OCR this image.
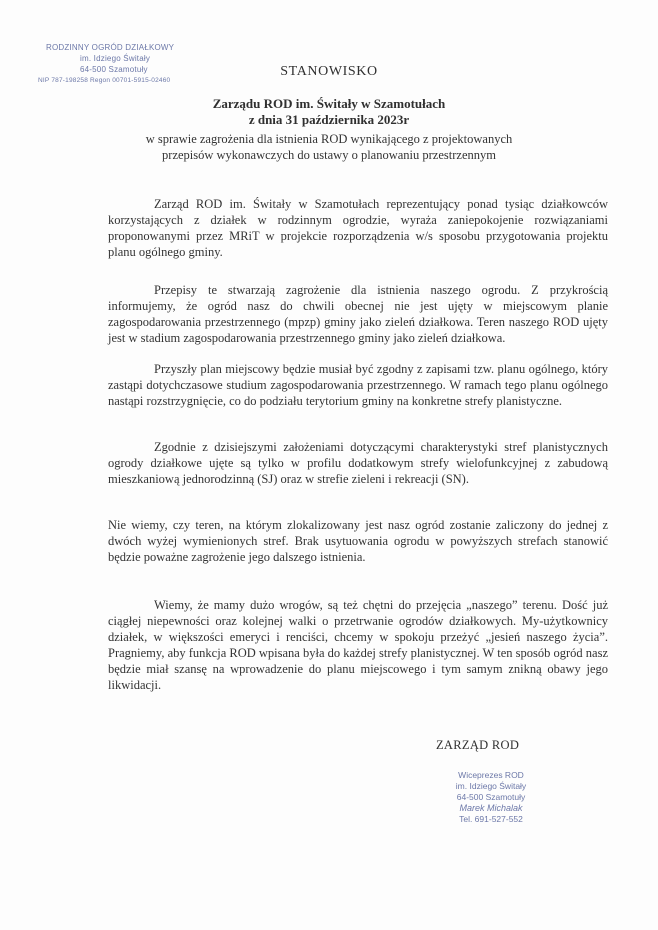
RODZINNY OGRÓD DZIAŁKOWY
im. Idziego Świtały
64-500 Szamotuły
NIP 787-198258 Regon 00701-5915-02460
STANOWISKO
Zarządu ROD im. Świtały w Szamotułach
z dnia 31 października 2023r
w sprawie zagrożenia dla istnienia ROD wynikającego z projektowanych
przepisów wykonawczych do ustawy o planowaniu przestrzennym
Zarząd ROD im. Świtały w Szamotułach reprezentujący ponad tysiąc działkowców korzystających z działek w rodzinnym ogrodzie, wyraża zaniepokojenie rozwiązaniami proponowanymi przez MRiT w projekcie rozporządzenia w/s sposobu przygotowania projektu planu ogólnego gminy.
Przepisy te stwarzają zagrożenie dla istnienia naszego ogrodu. Z przykrością informujemy, że ogród nasz do chwili obecnej nie jest ujęty w miejscowym planie zagospodarowania przestrzennego (mpzp) gminy jako zieleń działkowa. Teren naszego ROD ujęty jest w stadium zagospodarowania przestrzennego gminy jako zieleń działkowa.
Przyszły plan miejscowy będzie musiał być zgodny z zapisami tzw. planu ogólnego, który zastąpi dotychczasowe studium zagospodarowania przestrzennego. W ramach tego planu ogólnego nastąpi rozstrzygnięcie, co do podziału terytorium gminy na konkretne strefy planistyczne.
Zgodnie z dzisiejszymi założeniami dotyczącymi charakterystyki stref planistycznych ogrody działkowe ujęte są tylko w profilu dodatkowym strefy wielofunkcyjnej z zabudową mieszkaniową jednorodzinną (SJ) oraz w strefie zieleni i rekreacji (SN).
Nie wiemy, czy teren, na którym zlokalizowany jest nasz ogród zostanie zaliczony do jednej z dwóch wyżej wymienionych stref. Brak usytuowania ogrodu w powyższych strefach stanowić będzie poważne zagrożenie jego dalszego istnienia.
Wiemy, że mamy dużo wrogów, są też chętni do przejęcia „naszego” terenu. Dość już ciągłej niepewności oraz kolejnej walki o przetrwanie ogrodów działkowych. My-użytkownicy działek, w większości emeryci i renciści, chcemy w spokoju przeżyć „jesień naszego życia”. Pragniemy, aby funkcja ROD wpisana była do każdej strefy planistycznej. W ten sposób ogród nasz będzie miał szansę na wprowadzenie do planu miejscowego i tym samym znikną obawy jego likwidacji.
ZARZĄD ROD
Wiceprezes ROD
im. Idziego Świtały
64-500 Szamotuły
Marek Michalak
Tel. 691-527-552
